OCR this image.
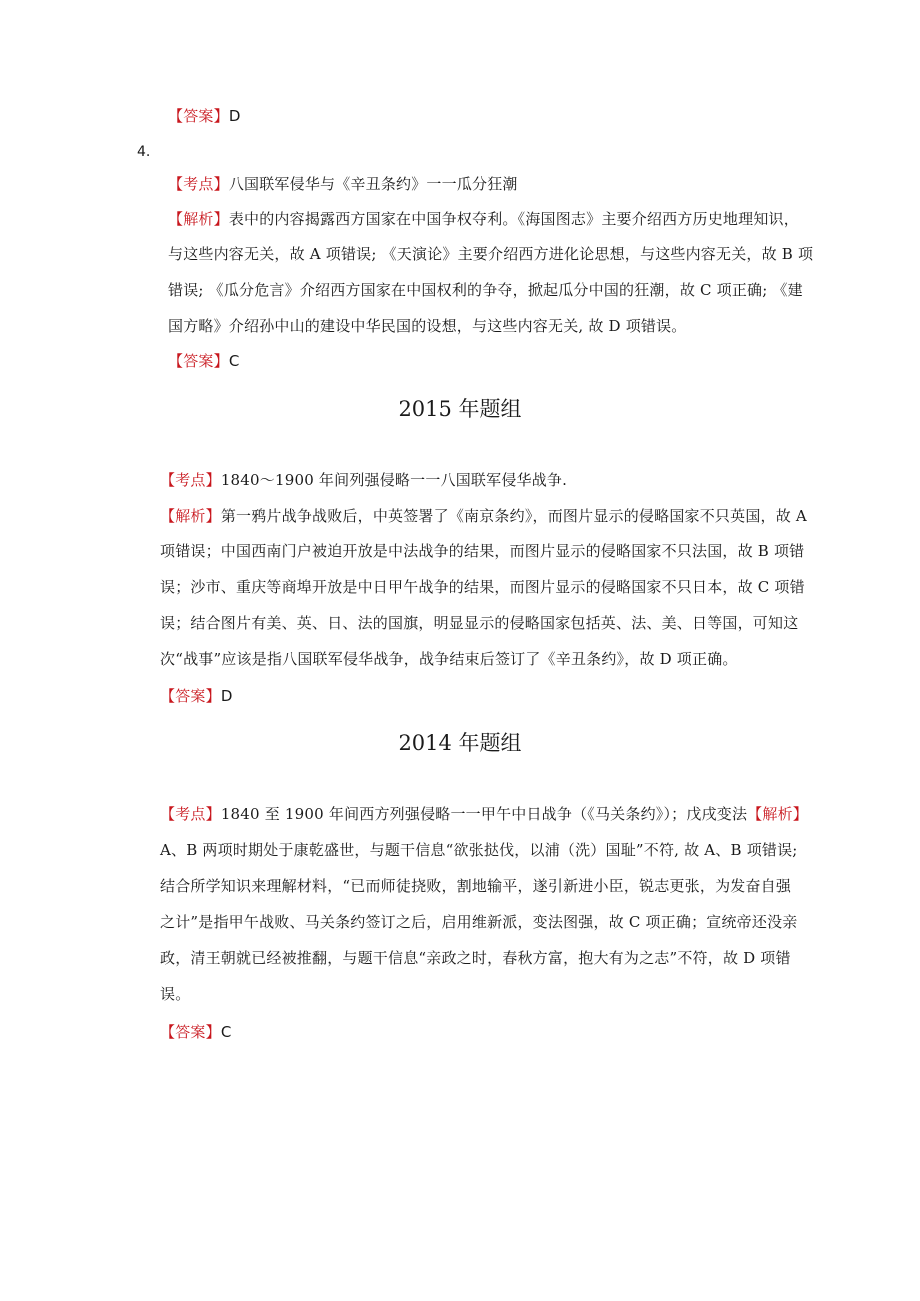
【答案】D
4.
【考点】八国联军侵华与《辛丑条约》一一瓜分狂潮
【解析】表中的内容揭露西方国家在中国争权夺利。《海国图志》主要介绍西方历史地理知识，
与这些内容无关，故 A 项错误; 《天演论》主要介绍西方进化论思想，与这些内容无关，故 B 项
错误; 《瓜分危言》介绍西方国家在中国权利的争夺，掀起瓜分中国的狂潮，故 C 项正确; 《建
国方略》介绍孙中山的建设中华民国的设想，与这些内容无关, 故 D 项错误。
【答案】C
2015 年题组
【考点】1840～1900 年间列强侵略一一八国联军侵华战争.
【解析】第一鸦片战争战败后，中英签署了《南京条约》，而图片显示的侵略国家不只英国，故 A
项错误；中国西南门户被迫开放是中法战争的结果，而图片显示的侵略国家不只法国，故 B 项错
误；沙市、重庆等商埠开放是中日甲午战争的结果，而图片显示的侵略国家不只日本，故 C 项错
误；结合图片有美、英、日、法的国旗，明显显示的侵略国家包括英、法、美、日等国，可知这
次“战事”应该是指八国联军侵华战争，战争结束后签订了《辛丑条约》，故 D 项正确。
【答案】D
2014 年题组
【考点】1840 至 1900 年间西方列强侵略一一甲午中日战争（《马关条约》）；戊戌变法【解析】
A、B 两项时期处于康乾盛世，与题干信息“欲张挞伐，以浦（洗）国耻”不符, 故 A、B 项错误;
结合所学知识来理解材料，“已而师徒挠败，割地输平，遂引新进小臣，锐志更张，为发奋自强
之计”是指甲午战败、马关条约签订之后，启用维新派，变法图强，故 C 项正确；宣统帝还没亲
政，清王朝就已经被推翻，与题干信息“亲政之时，春秋方富，抱大有为之志”不符，故 D 项错
误。
【答案】C
